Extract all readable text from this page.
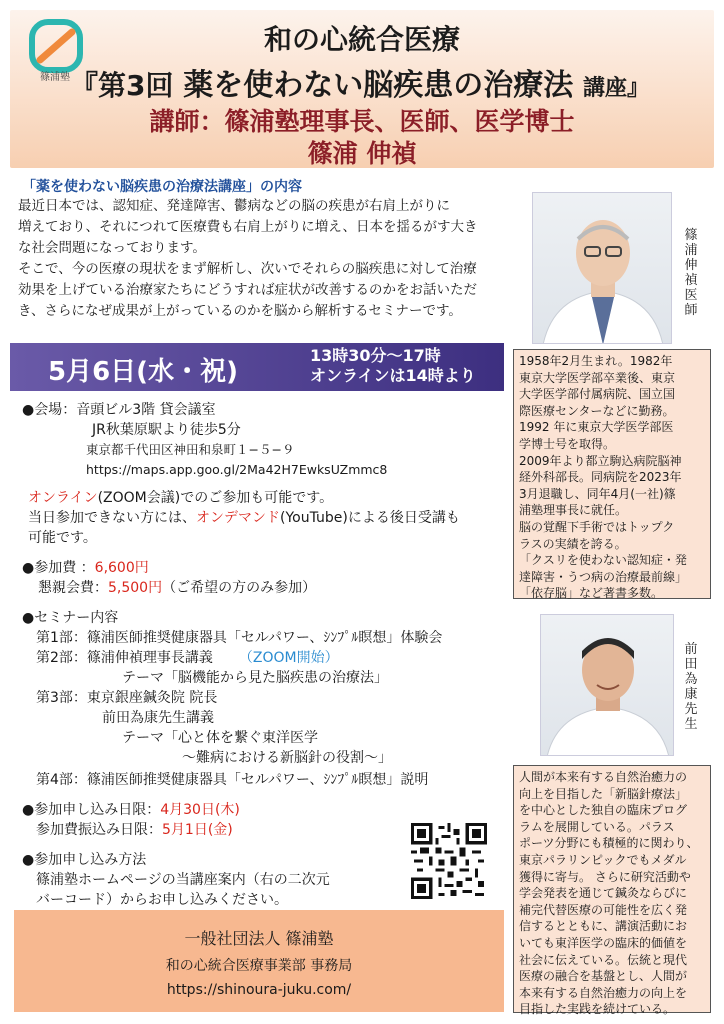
篠浦塾
和の心統合医療
『第3回 薬を使わない脳疾患の治療法 講座』
講師：篠浦塾理事長、医師、医学博士
篠浦 伸禎
「薬を使わない脳疾患の治療法講座」の内容
最近日本では、認知症、発達障害、鬱病などの脳の疾患が右肩上がりに
増えており、それにつれて医療費も右肩上がりに増え、日本を揺るがす大き
な社会問題になっております。
そこで、今の医療の現状をまず解析し、次いでそれらの脳疾患に対して治療
効果を上げている治療家たちにどうすれば症状が改善するのかをお話いただ
き、さらになぜ成果が上がっているのかを脳から解析するセミナーです。
篠浦伸禎医師
5月6日(水・祝)
13時30分～17時
オンラインは14時より
1958年2月生まれ。1982年
東京大学医学部卒業後、東京
大学医学部付属病院、国立国
際医療センターなどに勤務。
1992 年に東京大学医学部医
学博士号を取得。
2009年より都立駒込病院脳神
経外科部長。同病院を2023年
3月退職し、同年4月(一社)篠
浦塾理事長に就任。
脳の覚醒下手術ではトップク
ラスの実績を誇る。
「クスリを使わない認知症・発
達障害・うつ病の治療最前線」
「依存脳」など著書多数。
前田為康先生
人間が本来有する自然治癒力の
向上を目指した「新脳針療法」
を中心とした独自の臨床プログ
ラムを展開している。パラス
ポーツ分野にも積極的に関わり、
東京パラリンピックでもメダル
獲得に寄与。 さらに研究活動や
学会発表を通じて鍼灸ならびに
補完代替医療の可能性を広く発
信するとともに、講演活動にお
いても東洋医学の臨床的価値を
社会に伝えている。伝統と現代
医療の融合を基盤とし、人間が
本来有する自然治癒力の向上を
目指した実践を続けている。
●会場：音頭ビル3階 貸会議室
JR秋葉原駅より徒歩5分
東京都千代田区神田和泉町１−５−９
https://maps.app.goo.gl/2Ma42H7EwksUZmmc8
オンライン(ZOOM会議)でのご参加も可能です。
当日参加できない方には、オンデマンド(YouTube)による後日受講も
可能です。
●参加費 ：6,600円
懇親会費：5,500円（ご希望の方のみ参加）
●セミナー内容
第1部：篠浦医師推奨健康器具「セルパワー、ｼﾝﾌﾟﾙ瞑想」体験会
第2部：篠浦伸禎理事長講義 （ZOOM開始）
テーマ「脳機能から見た脳疾患の治療法」
第3部：東京銀座鍼灸院 院長
前田為康先生講義
テーマ「心と体を繋ぐ東洋医学
～難病における新脳針の役割～」
第4部：篠浦医師推奨健康器具「セルパワー、ｼﾝﾌﾟﾙ瞑想」説明
●参加申し込み日限：4月30日(木)
参加費振込み日限：5月1日(金)
●参加申し込み方法
篠浦塾ホームページの当講座案内（右の二次元
バーコード）からお申し込みください。
一般社団法人 篠浦塾
和の心統合医療事業部 事務局
https://shinoura-juku.com/
